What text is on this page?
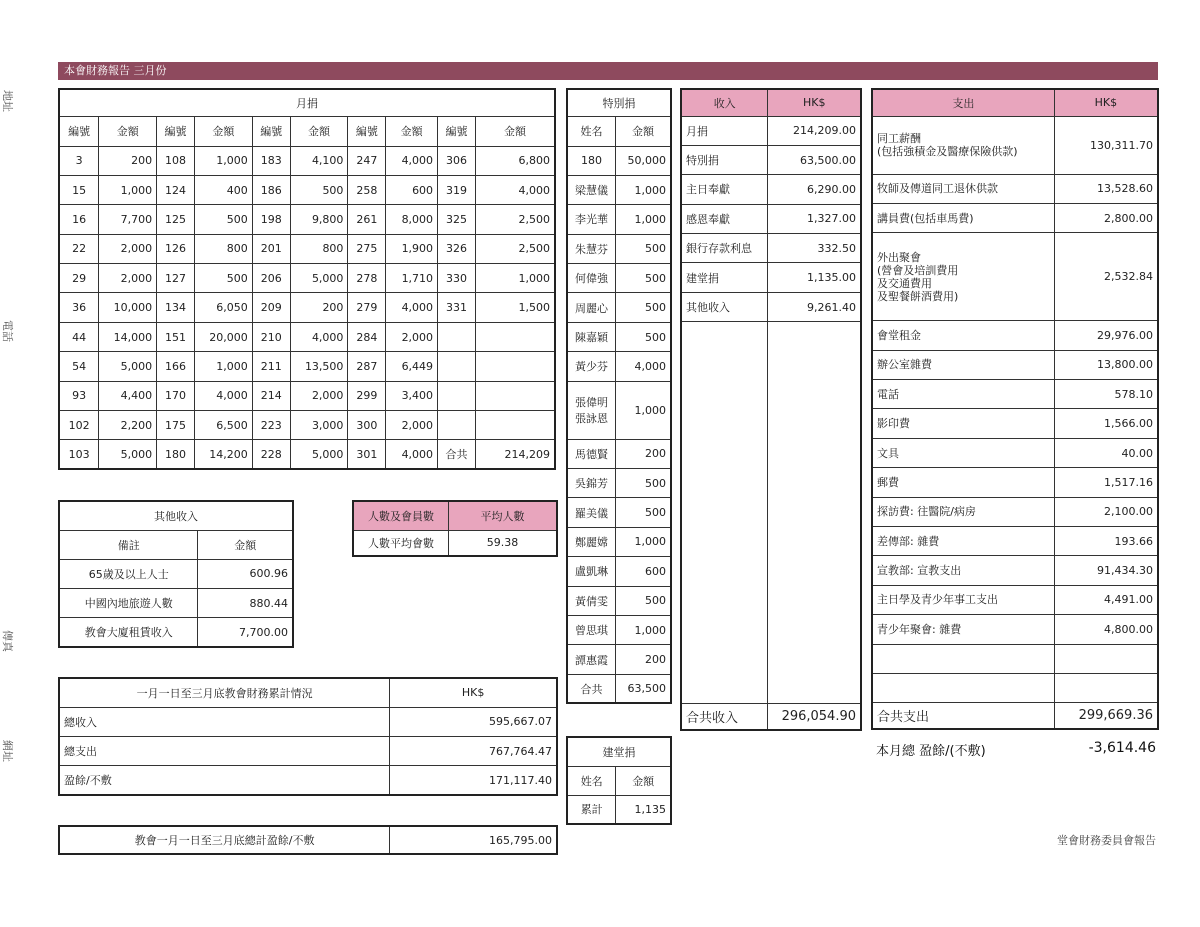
本會財務報告 三月份
地址
電話
傳真
網址
月捐									
編號	金額	編號	金額	編號	金額	編號	金額	編號	金額
3	200	108	1,000	183	4,100	247	4,000	306	6,800
15	1,000	124	400	186	500	258	600	319	4,000
16	7,700	125	500	198	9,800	261	8,000	325	2,500
22	2,000	126	800	201	800	275	1,900	326	2,500
29	2,000	127	500	206	5,000	278	1,710	330	1,000
36	10,000	134	6,050	209	200	279	4,000	331	1,500
44	14,000	151	20,000	210	4,000	284	2,000		
54	5,000	166	1,000	211	13,500	287	6,449		
93	4,400	170	4,000	214	2,000	299	3,400		
102	2,200	175	6,500	223	3,000	300	2,000		
103	5,000	180	14,200	228	5,000	301	4,000	合共	214,209
特別捐	
姓名	金額
180	50,000
梁慧儀	1,000
李光華	1,000
朱慧芬	500
何偉強	500
周麗心	500
陳嘉穎	500
黃少芬	4,000
張偉明
張詠恩	1,000
馬德賢	200
吳錦芳	500
羅美儀	500
鄭麗嫦	1,000
盧凱琳	600
黃倩雯	500
曾思琪	1,000
譚惠霞	200
合共	63,500
收入	HK$
月捐	214,209.00
特別捐	63,500.00
主日奉獻	6,290.00
感恩奉獻	1,327.00
銀行存款利息	332.50
建堂捐	1,135.00
其他收入	9,261.40

合共收入	296,054.90
支出	HK$
同工薪酬
(包括強積金及醫療保險供款)	130,311.70
牧師及傳道同工退休供款	13,528.60
講員費(包括車馬費)	2,800.00
外出聚會
(營會及培訓費用
及交通費用
及聖餐餅酒費用)	2,532.84
會堂租金	29,976.00
辦公室雜費	13,800.00
電話	578.10
影印費	1,566.00
文具	40.00
郵費	1,517.16
探訪費: 往醫院/病房	2,100.00
差傳部: 雜費	193.66
宣教部: 宣教支出	91,434.30
主日學及青少年事工支出	4,491.00
青少年聚會: 雜費	4,800.00

合共支出	299,669.36
本月總 盈餘/(不敷)	-3,614.46
其他收入	
備註	金額
65歲及以上人士	600.96
中國內地旅遊人數	880.44
教會大廈租賃收入	7,700.00
人數及會員數	平均人數
人數平均會數	59.38
建堂捐	
姓名	金額
累計	1,135
一月一日至三月底教會財務累計情況	HK$
總收入	595,667.07
總支出	767,764.47
盈餘/不敷	171,117.40
教會一月一日至三月底總計盈餘/不敷	165,795.00	堂會財務委員會報告
